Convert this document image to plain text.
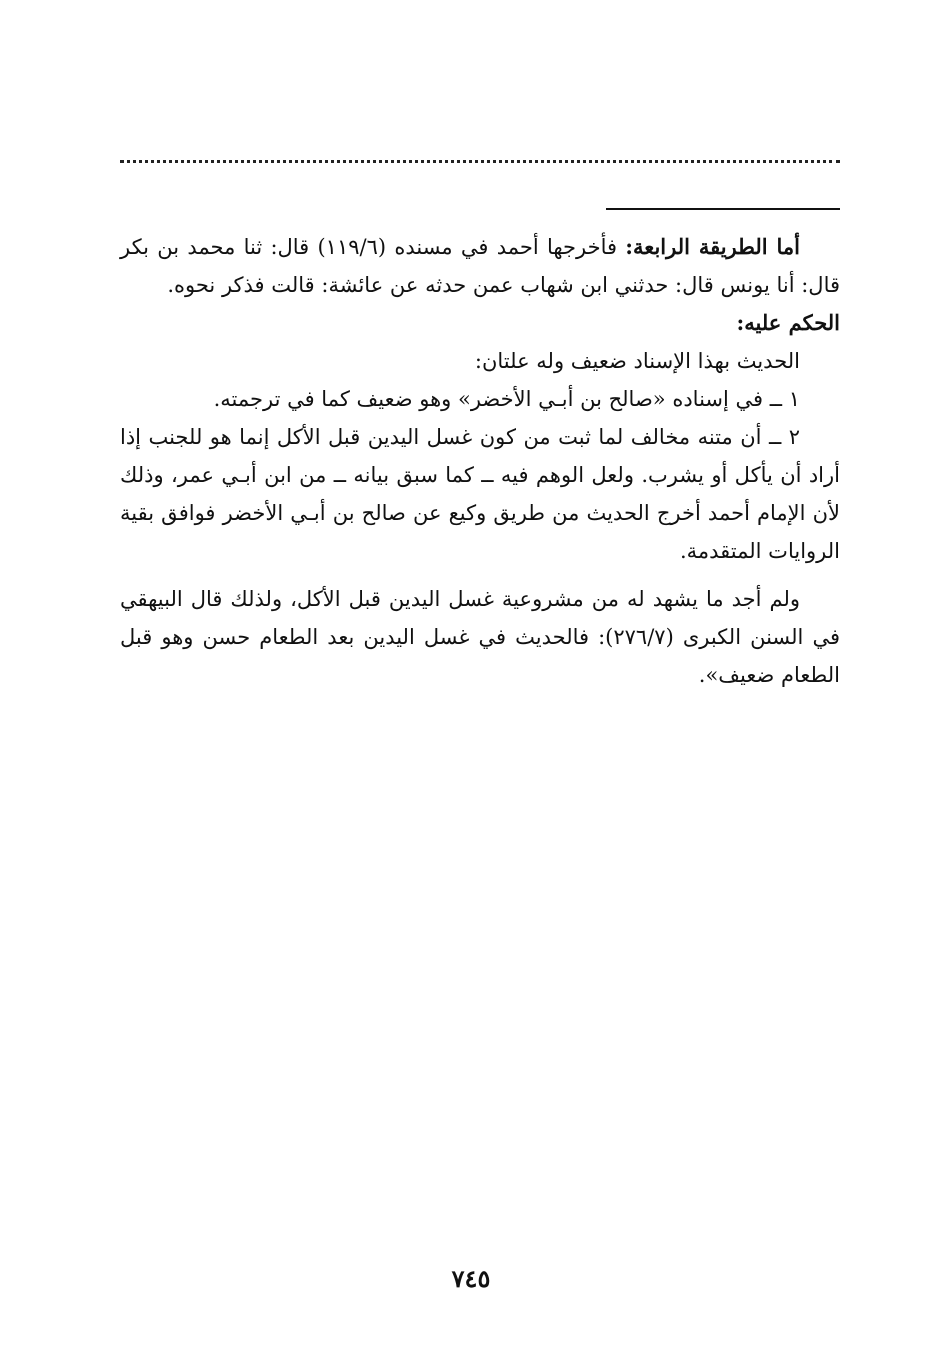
أما الطريقة الرابعة: فأخرجها أحمد في مسنده (١١٩/٦) قال: ثنا محمد بن بكر قال: أنا يونس قال: حدثني ابن شهاب عمن حدثه عن عائشة: قالت فذكر نحوه.

الحكم عليه:

الحديث بهذا الإسناد ضعيف وله علتان:

١ ــ في إسناده «صالح بن أبـي الأخضر» وهو ضعيف كما في ترجمته.

٢ ــ أن متنه مخالف لما ثبت من كون غسل اليدين قبل الأكل إنما هو للجنب إذا أراد أن يأكل أو يشرب. ولعل الوهم فيه ــ كما سبق بيانه ــ من ابن أبـي عمر، وذلك لأن الإمام أحمد أخرج الحديث من طريق وكيع عن صالح بن أبـي الأخضر فوافق بقية الروايات المتقدمة.

ولم أجد ما يشهد له من مشروعية غسل اليدين قبل الأكل، ولذلك قال البيهقي في السنن الكبرى (٢٧٦/٧): فالحديث في غسل اليدين بعد الطعام حسن وهو قبل الطعام ضعيف».

٧٤٥
